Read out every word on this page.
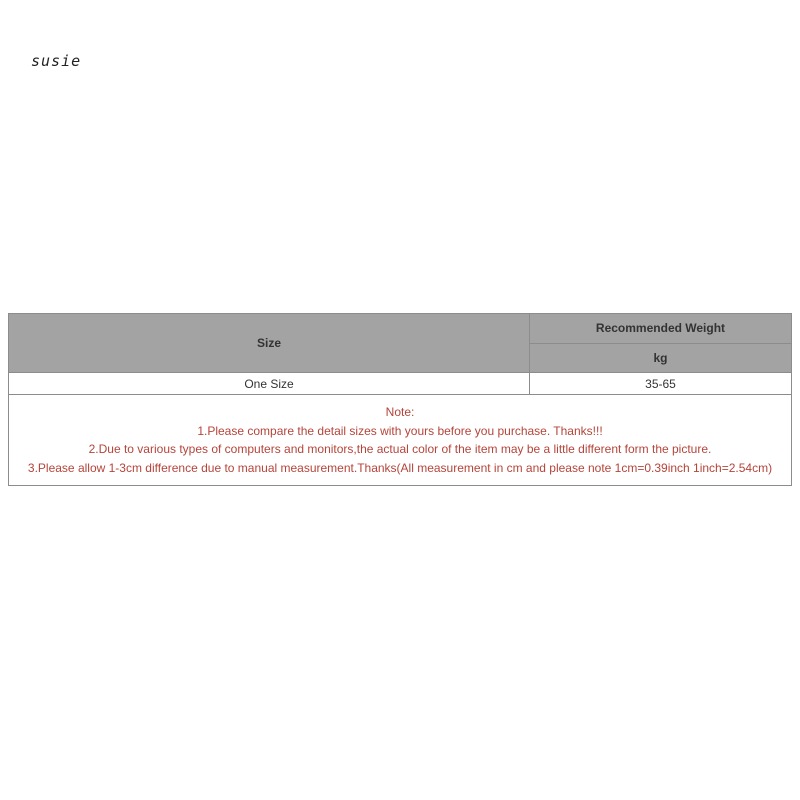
susie
Size	Recommended Weight
	kg
One Size	35-65

Note:
1.Please compare the detail sizes with yours before you purchase. Thanks!!!
2.Due to various types of computers and monitors,the actual color of the item may be a little different form the picture.
3.Please allow 1-3cm difference due to manual measurement.Thanks(All measurement in cm and please note 1cm=0.39inch 1inch=2.54cm)	
